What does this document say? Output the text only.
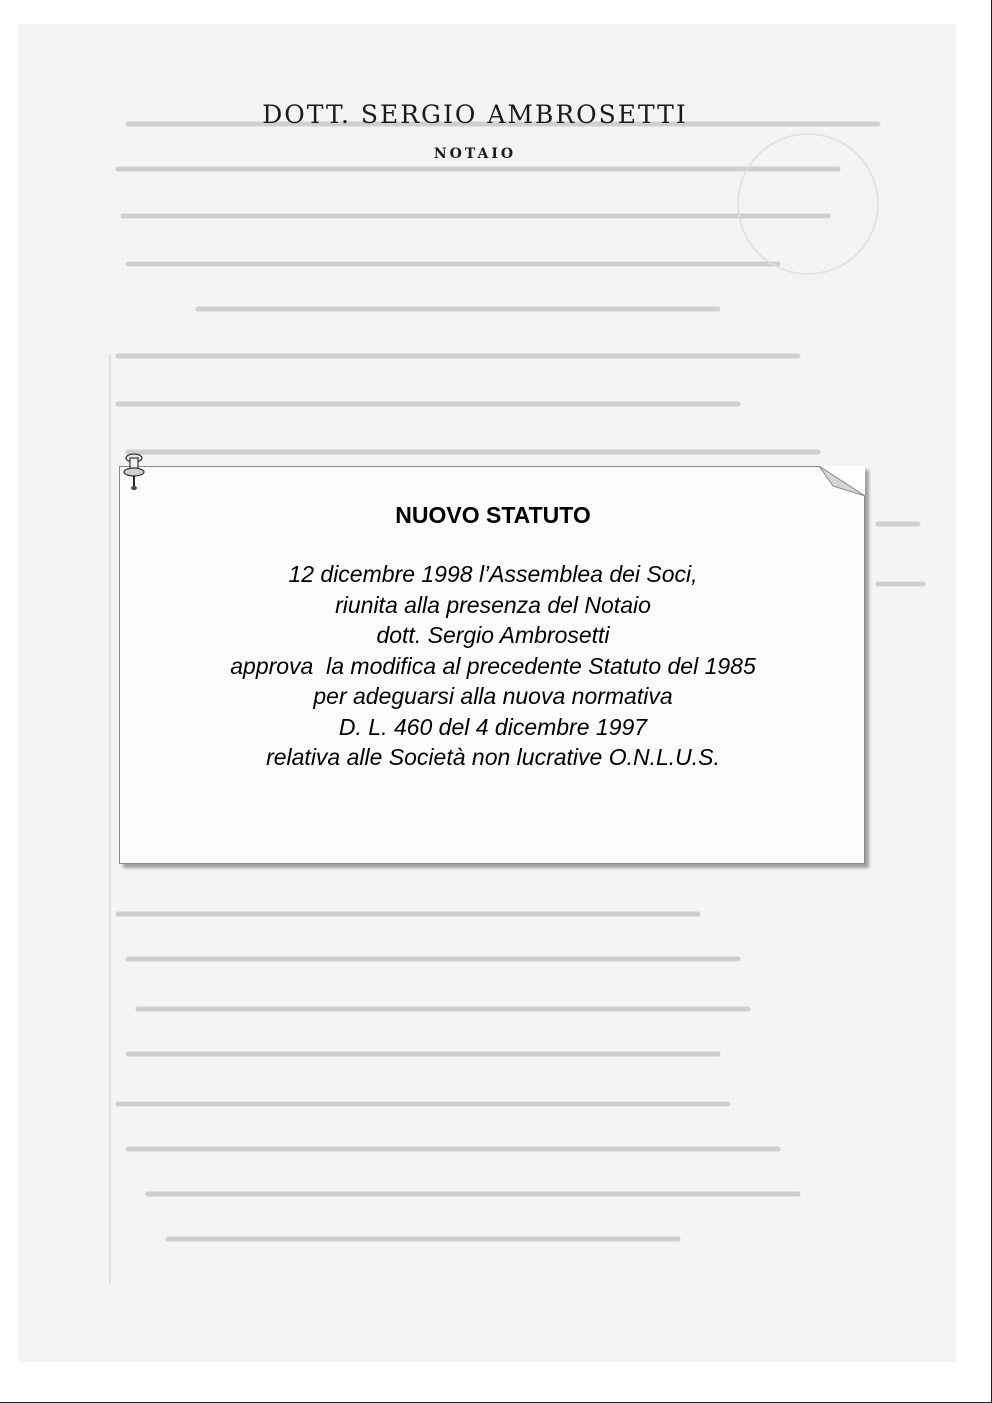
DOTT. SERGIO AMBROSETTI
NOTAIO
NUOVO STATUTO
12 dicembre 1998 l’Assemblea dei Soci,
riunita alla presenza del Notaio
dott. Sergio Ambrosetti
approva  la modifica al precedente Statuto del 1985
per adeguarsi alla nuova normativa
D. L. 460 del 4 dicembre 1997
relativa alle Società non lucrative O.N.L.U.S.
